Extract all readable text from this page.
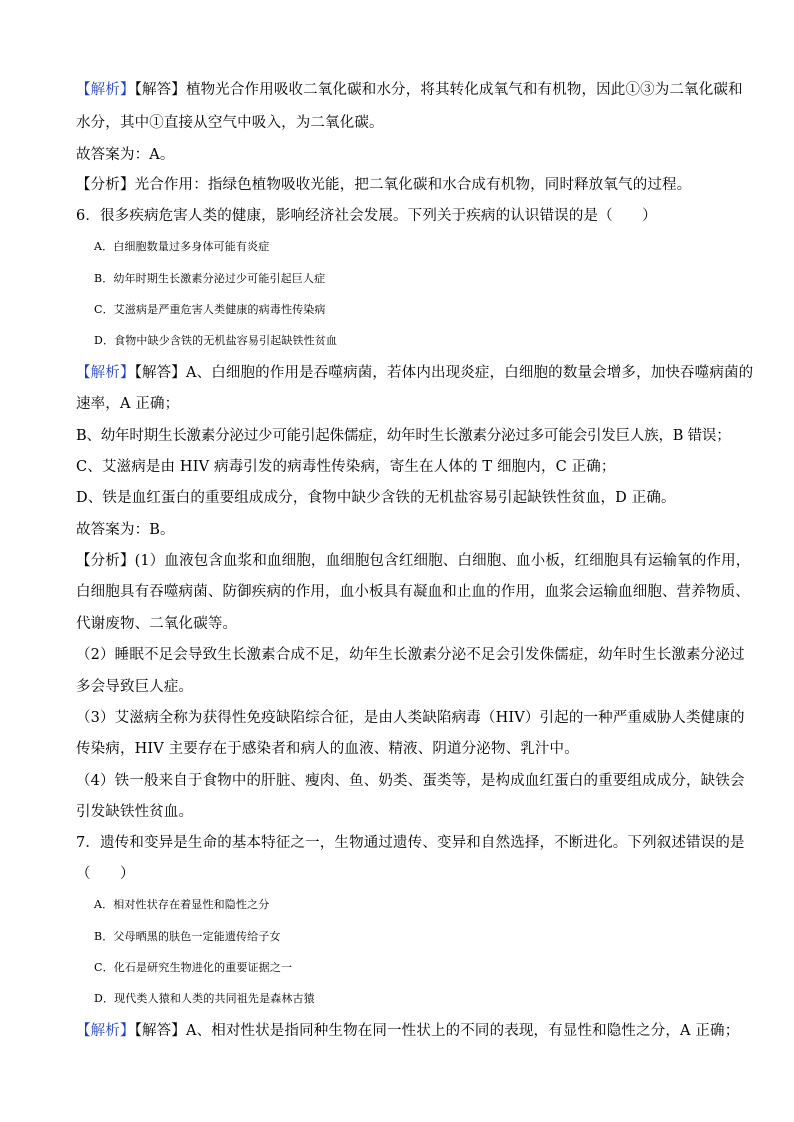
【解析】【解答】植物光合作用吸收二氧化碳和水分，将其转化成氧气和有机物，因此①③为二氧化碳和
水分，其中①直接从空气中吸入，为二氧化碳。
故答案为：A。
【分析】光合作用：指绿色植物吸收光能，把二氧化碳和水合成有机物，同时释放氧气的过程。
6．很多疾病危害人类的健康，影响经济社会发展。下列关于疾病的认识错误的是（　　）
A．白细胞数量过多身体可能有炎症
B．幼年时期生长激素分泌过少可能引起巨人症
C．艾滋病是严重危害人类健康的病毒性传染病
D．食物中缺少含铁的无机盐容易引起缺铁性贫血
【解析】【解答】A、白细胞的作用是吞噬病菌，若体内出现炎症，白细胞的数量会增多，加快吞噬病菌的
速率，A 正确；
B、幼年时期生长激素分泌过少可能引起侏儒症，幼年时生长激素分泌过多可能会引发巨人族，B 错误；
C、艾滋病是由 HIV 病毒引发的病毒性传染病，寄生在人体的 T 细胞内，C 正确；
D、铁是血红蛋白的重要组成成分，食物中缺少含铁的无机盐容易引起缺铁性贫血，D 正确。
故答案为：B。
【分析】(1）血液包含血浆和血细胞，血细胞包含红细胞、白细胞、血小板，红细胞具有运输氧的作用，
白细胞具有吞噬病菌、防御疾病的作用，血小板具有凝血和止血的作用，血浆会运输血细胞、营养物质、
代谢废物、二氧化碳等。
（2）睡眠不足会导致生长激素合成不足，幼年生长激素分泌不足会引发侏儒症，幼年时生长激素分泌过
多会导致巨人症。
（3）艾滋病全称为获得性免疫缺陷综合征，是由人类缺陷病毒（HIV）引起的一种严重威胁人类健康的
传染病，HIV 主要存在于感染者和病人的血液、精液、阴道分泌物、乳汁中。
（4）铁一般来自于食物中的肝脏、瘦肉、鱼、奶类、蛋类等，是构成血红蛋白的重要组成成分，缺铁会
引发缺铁性贫血。
7．遗传和变异是生命的基本特征之一，生物通过遗传、变异和自然选择，不断进化。下列叙述错误的是
（　　）
A．相对性状存在着显性和隐性之分
B．父母晒黑的肤色一定能遗传给子女
C．化石是研究生物进化的重要证据之一
D．现代类人猿和人类的共同祖先是森林古猿
【解析】【解答】A、相对性状是指同种生物在同一性状上的不同的表现，有显性和隐性之分，A 正确；
